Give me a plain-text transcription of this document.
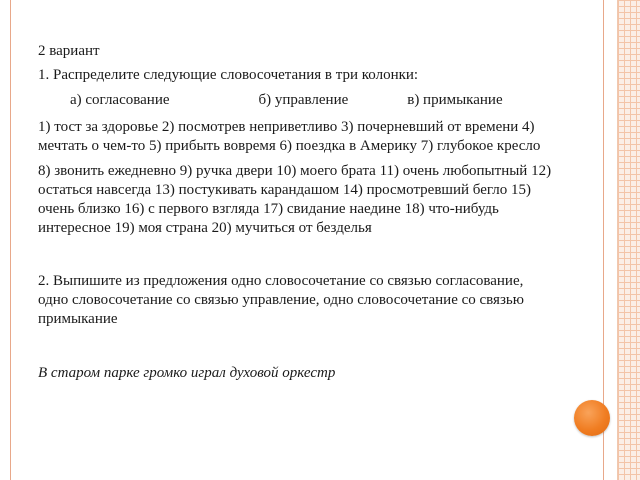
2 вариант

1. Распределите следующие словосочетания в три колонки:

а) согласование	б) управление	в) примыкание

1) тост за здоровье 2) посмотрев неприветливо 3) почерневший от времени 4) мечтать о чем-то 5) прибыть вовремя 6) поездка в Америку 7) глубокое кресло

8) звонить ежедневно 9) ручка двери 10) моего брата 11) очень любопытный 12) остаться навсегда 13) постукивать карандашом 14) просмотревший бегло 15) очень близко 16) с первого взгляда 17) свидание наедине 18) что-нибудь интересное 19) моя страна 20) мучиться от безделья

2. Выпишите из предложения одно словосочетание со связью согласование, одно словосочетание со связью управление, одно словосочетание со связью примыкание

В старом парке громко играл духовой оркестр
